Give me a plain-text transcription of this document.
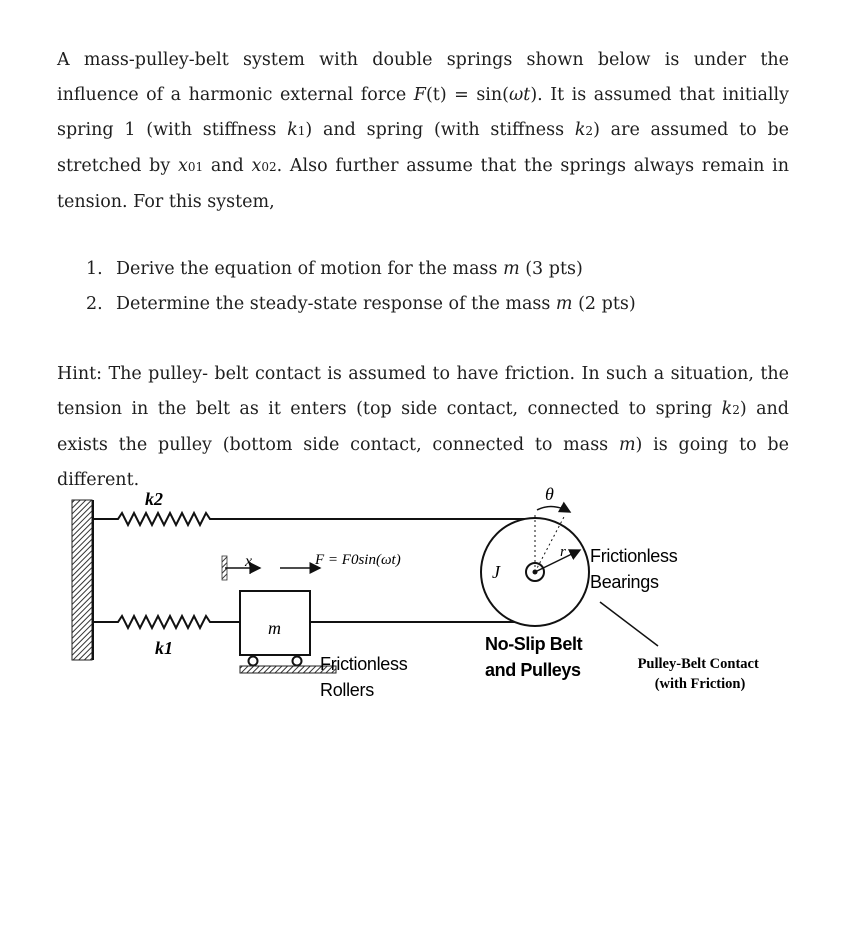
A mass-pulley-belt system with double springs shown below is under the influence of a harmonic external force F(t) = sin(ωt). It is assumed that initially spring 1 (with stiffness k1) and spring (with stiffness k2) are assumed to be stretched by x01 and x02. Also further assume that the springs always remain in tension. For this system,

1. Derive the equation of motion for the mass m (3 pts)

2. Determine the steady-state response of the mass m (2 pts)

Hint: The pulley- belt contact is assumed to have friction. In such a situation, the tension in the belt as it enters (top side contact, connected to spring k2) and exists the pulley (bottom side contact, connected to mass m) is going to be different.

m
x	F = F0sin(ωt)
J
r
θ
k2
k1
Frictionless Bearings
No-Slip Belt and Pulleys
Frictionless Rollers
Pulley-Belt Contact (with Friction)
